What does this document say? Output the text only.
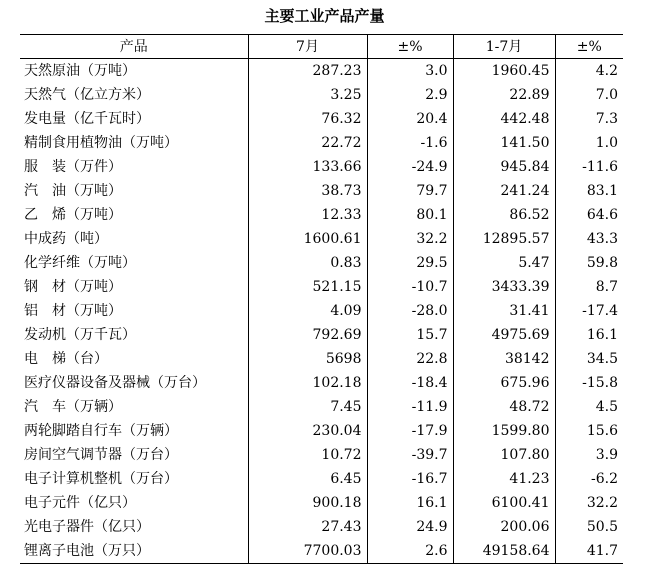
主要工业产品产量
产品	7月	±%	1-7月	±%
天然原油（万吨）	287.23	3.0	1960.45	4.2
天然气（亿立方米）	3.25	2.9	22.89	7.0
发电量（亿千瓦时）	76.32	20.4	442.48	7.3
精制食用植物油（万吨）	22.72	-1.6	141.50	1.0
服　装（万件）	133.66	-24.9	945.84	-11.6
汽　油（万吨）	38.73	79.7	241.24	83.1
乙　烯（万吨）	12.33	80.1	86.52	64.6
中成药（吨）	1600.61	32.2	12895.57	43.3
化学纤维（万吨）	0.83	29.5	5.47	59.8
钢　材（万吨）	521.15	-10.7	3433.39	8.7
铝　材（万吨）	4.09	-28.0	31.41	-17.4
发动机（万千瓦）	792.69	15.7	4975.69	16.1
电　梯（台）	5698	22.8	38142	34.5
医疗仪器设备及器械（万台）	102.18	-18.4	675.96	-15.8
汽　车（万辆）	7.45	-11.9	48.72	4.5
两轮脚踏自行车（万辆）	230.04	-17.9	1599.80	15.6
房间空气调节器（万台）	10.72	-39.7	107.80	3.9
电子计算机整机（万台）	6.45	-16.7	41.23	-6.2
电子元件（亿只）	900.18	16.1	6100.41	32.2
光电子器件（亿只）	27.43	24.9	200.06	50.5
锂离子电池（万只）	7700.03	2.6	49158.64	41.7
